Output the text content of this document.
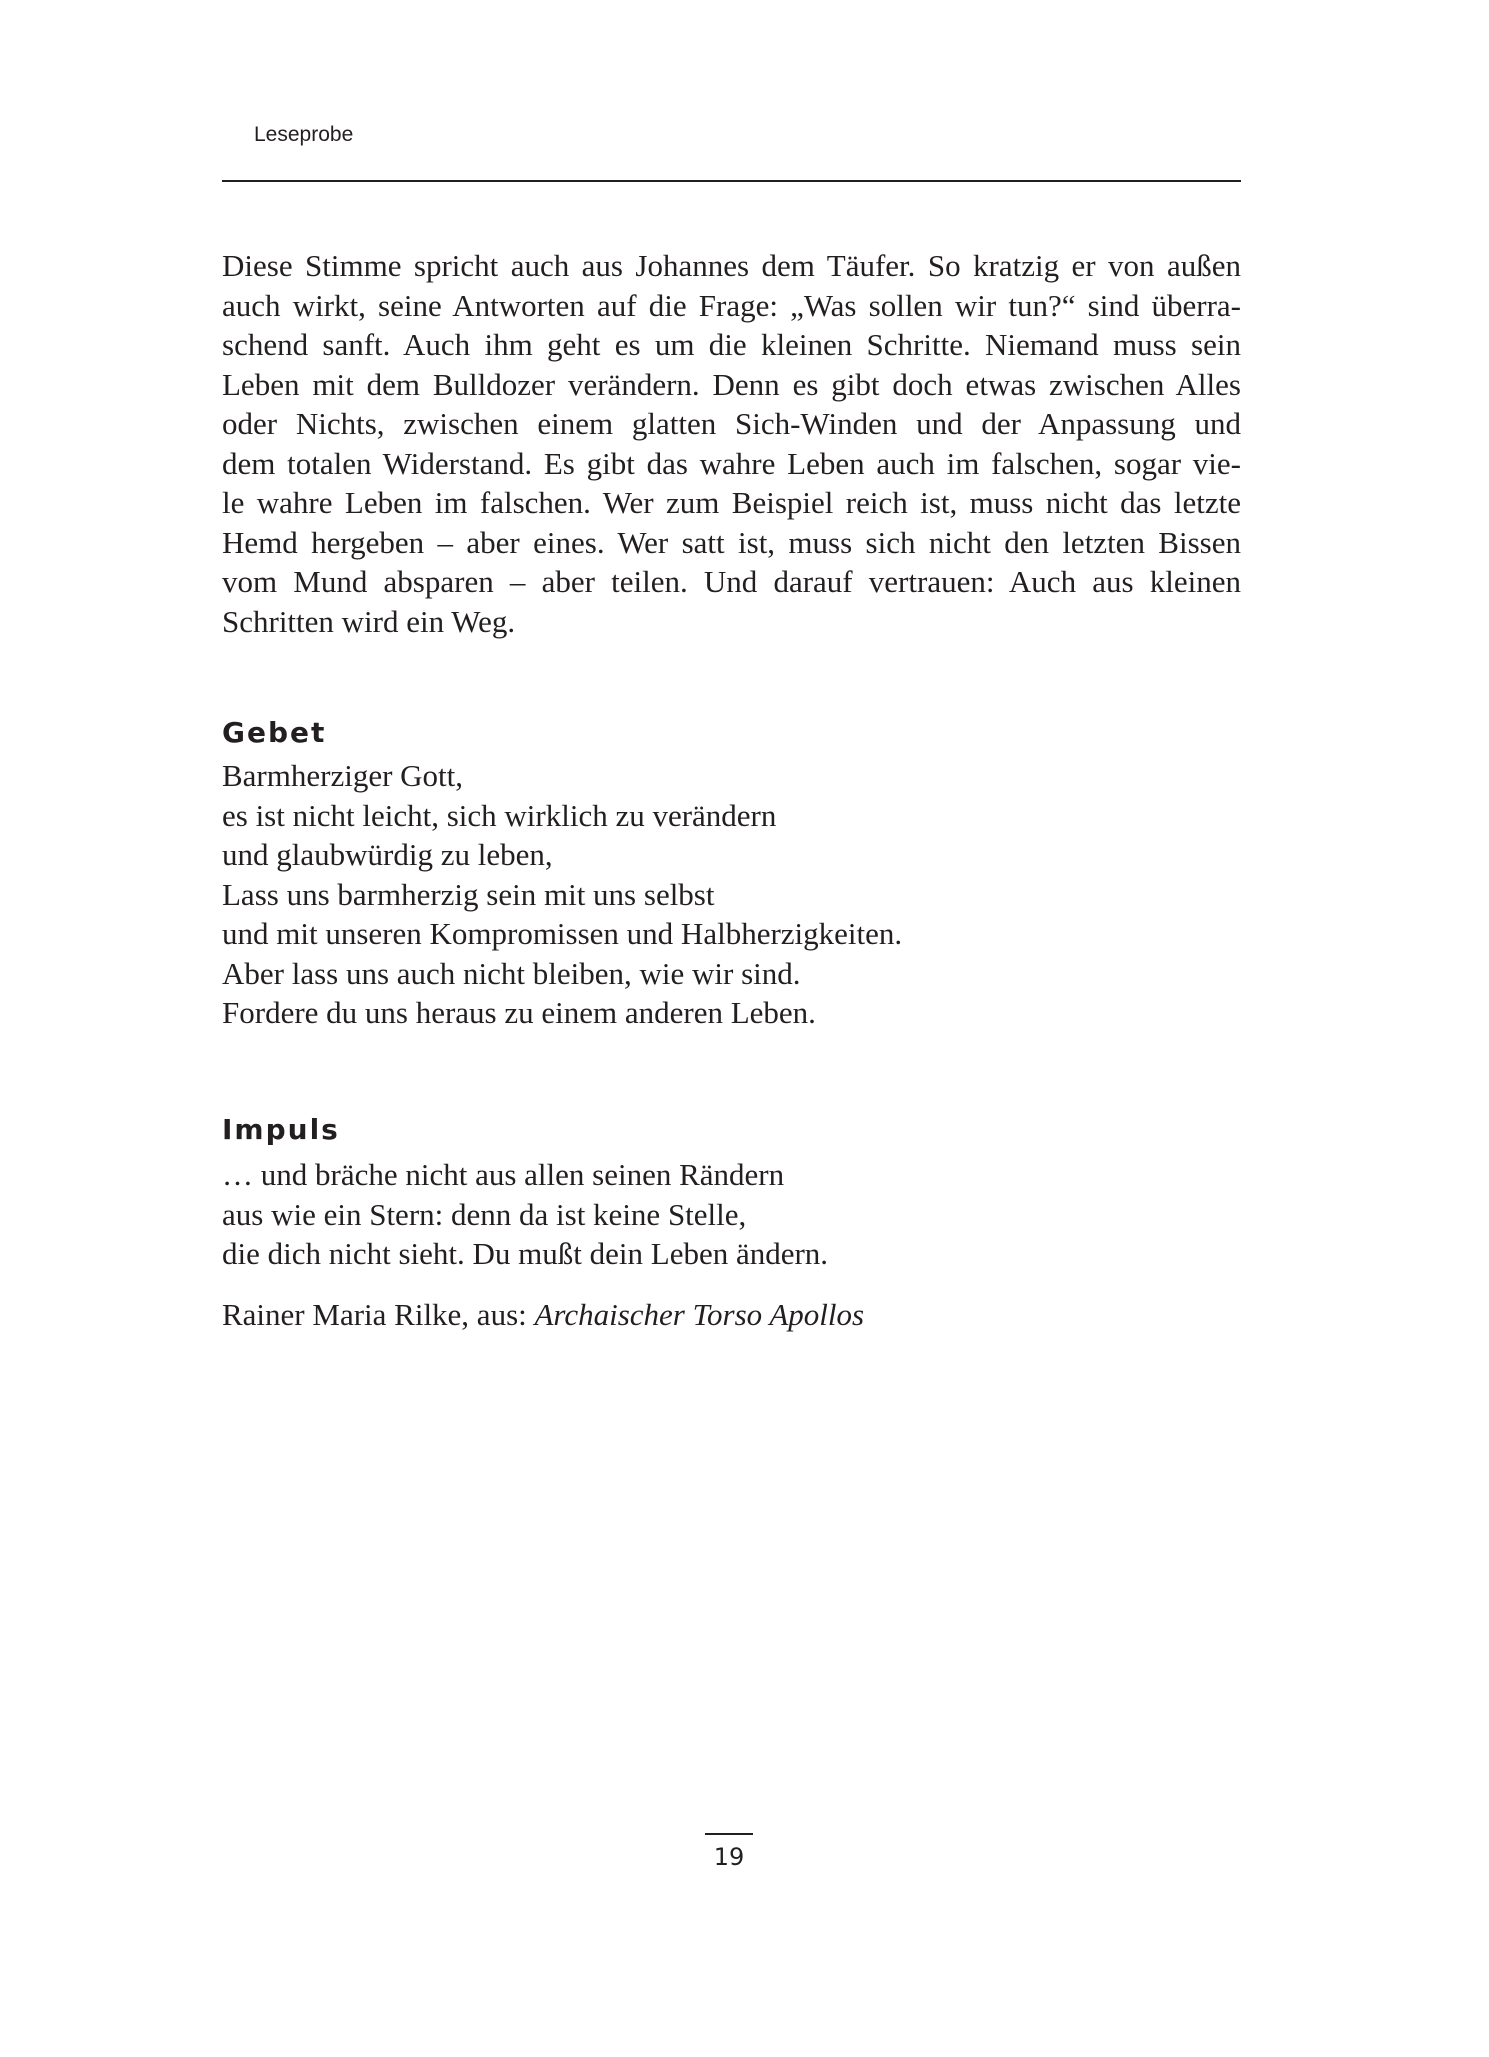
Leseprobe
Diese Stimme spricht auch aus Johannes dem Täufer. So kratzig er von außen
auch wirkt, seine Antworten auf die Frage: „Was sollen wir tun?“ sind überra-
schend sanft. Auch ihm geht es um die kleinen Schritte. Niemand muss sein
Leben mit dem Bulldozer verändern. Denn es gibt doch etwas zwischen Alles
oder Nichts, zwischen einem glatten Sich-Winden und der Anpassung und
dem totalen Widerstand. Es gibt das wahre Leben auch im falschen, sogar vie-
le wahre Leben im falschen. Wer zum Beispiel reich ist, muss nicht das letzte
Hemd hergeben – aber eines. Wer satt ist, muss sich nicht den letzten Bissen
vom Mund absparen – aber teilen. Und darauf vertrauen: Auch aus kleinen
Schritten wird ein Weg.
Gebet
Barmherziger Gott,
es ist nicht leicht, sich wirklich zu verändern
und glaubwürdig zu leben,
Lass uns barmherzig sein mit uns selbst
und mit unseren Kompromissen und Halbherzigkeiten.
Aber lass uns auch nicht bleiben, wie wir sind.
Fordere du uns heraus zu einem anderen Leben.
Impuls
… und bräche nicht aus allen seinen Rändern
aus wie ein Stern: denn da ist keine Stelle,
die dich nicht sieht. Du mußt dein Leben ändern.
Rainer Maria Rilke, aus: Archaischer Torso Apollos
19
